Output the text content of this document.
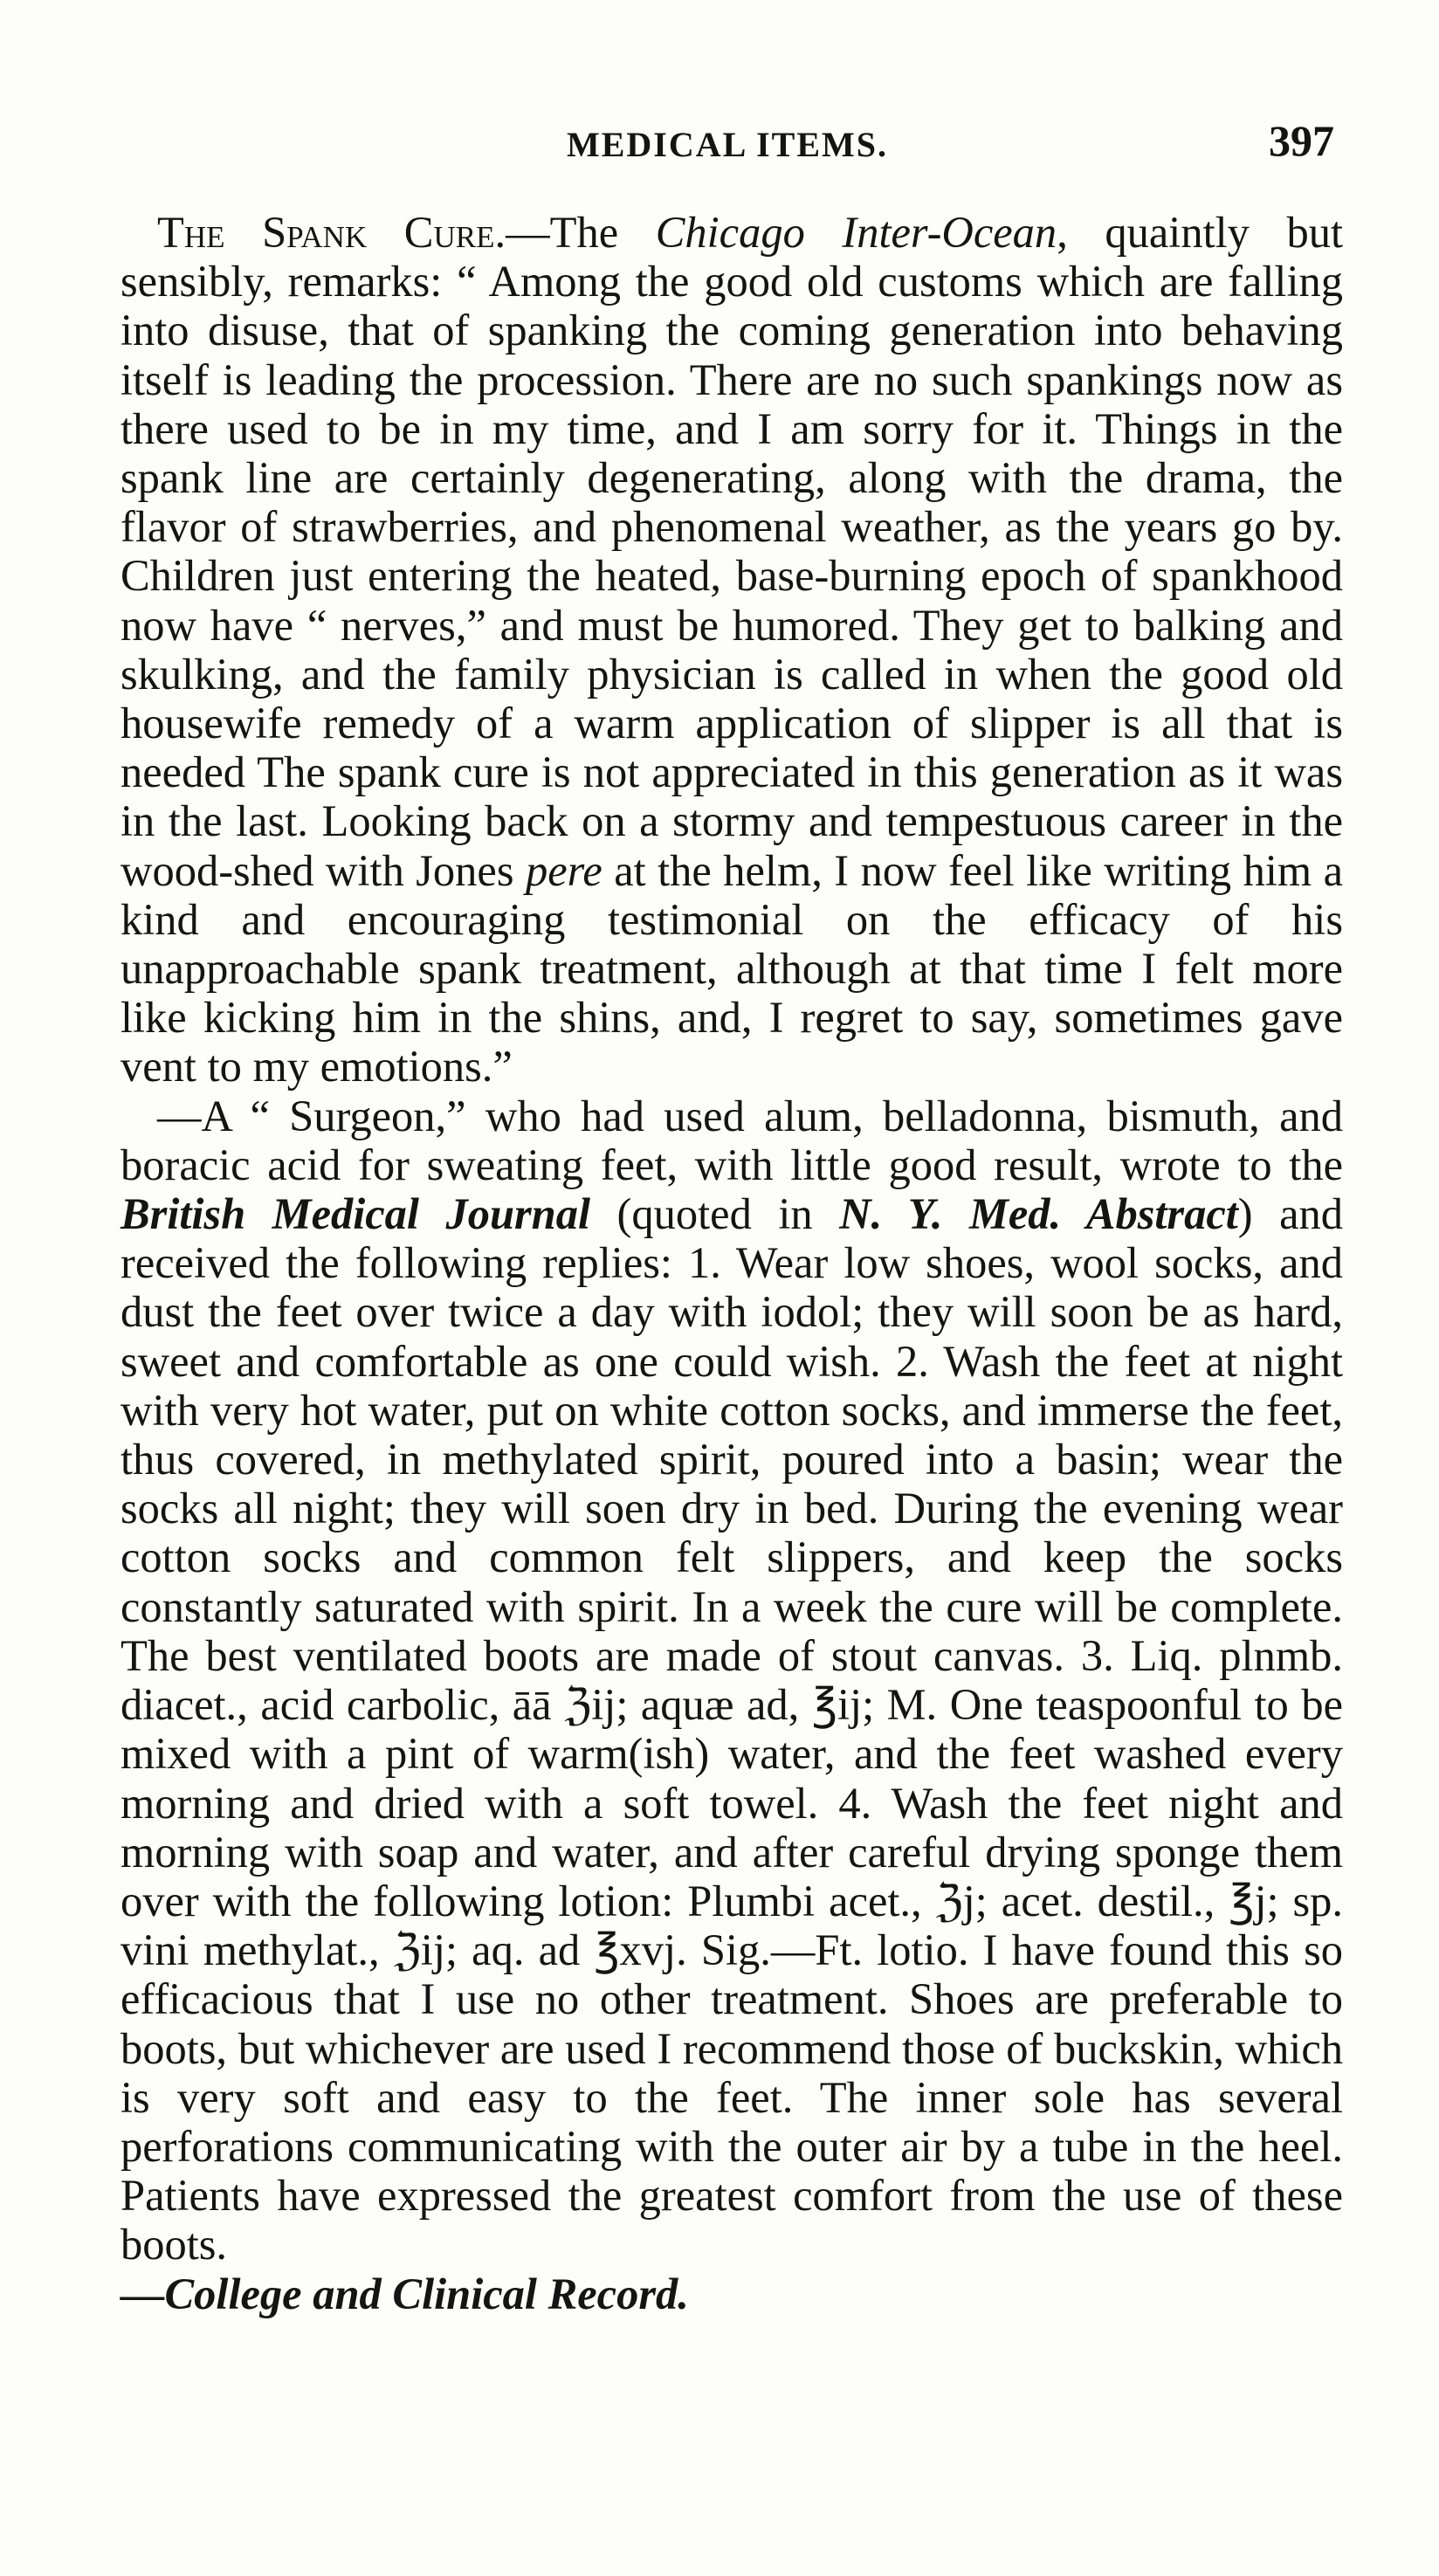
MEDICAL ITEMS.	397

The Spank Cure.—The Chicago Inter-Ocean, quaintly but sensibly, remarks: “ Among the good old customs which are falling into disuse, that of spanking the coming generation into behaving itself is leading the procession. There are no such spankings now as there used to be in my time, and I am sorry for it. Things in the spank line are certainly degenerating, along with the drama, the flavor of strawberries, and phenomenal weather, as the years go by. Children just entering the heated, base-burning epoch of spankhood now have “ nerves,” and must be humored. They get to balking and skulking, and the family physician is called in when the good old housewife remedy of a warm application of slipper is all that is needed The spank cure is not appreciated in this generation as it was in the last. Looking back on a stormy and tempestuous career in the wood-shed with Jones pere at the helm, I now feel like writing him a kind and encouraging testimonial on the efficacy of his unapproachable spank treatment, although at that time I felt more like kicking him in the shins, and, I regret to say, sometimes gave vent to my emotions.”

—A “ Surgeon,” who had used alum, belladonna, bismuth, and boracic acid for sweating feet, with little good result, wrote to the British Medical Journal (quoted in N. Y. Med. Abstract) and received the following replies: 1. Wear low shoes, wool socks, and dust the feet over twice a day with iodol; they will soon be as hard, sweet and comfortable as one could wish. 2. Wash the feet at night with very hot water, put on white cotton socks, and immerse the feet, thus covered, in methylated spirit, poured into a basin; wear the socks all night; they will soen dry in bed. During the evening wear cotton socks and common felt slippers, and keep the socks constantly saturated with spirit. In a week the cure will be complete. The best ventilated boots are made of stout canvas. 3. Liq. plnmb. diacet., acid carbolic, āā ℨij; aquæ ad, ℥ij; M. One teaspoonful to be mixed with a pint of warm(ish) water, and the feet washed every morning and dried with a soft towel. 4. Wash the feet night and morning with soap and water, and after careful drying sponge them over with the following lotion: Plumbi acet., ℨj; acet. destil., ℥j; sp. vini methylat., ℨij; aq. ad ℥xvj. Sig.—Ft. lotio. I have found this so efficacious that I use no other treatment. Shoes are preferable to boots, but whichever are used I recommend those of buckskin, which is very soft and easy to the feet. The inner sole has several perforations communicating with the outer air by a tube in the heel. Patients have expressed the greatest comfort from the use of these boots.

—College and Clinical Record.
